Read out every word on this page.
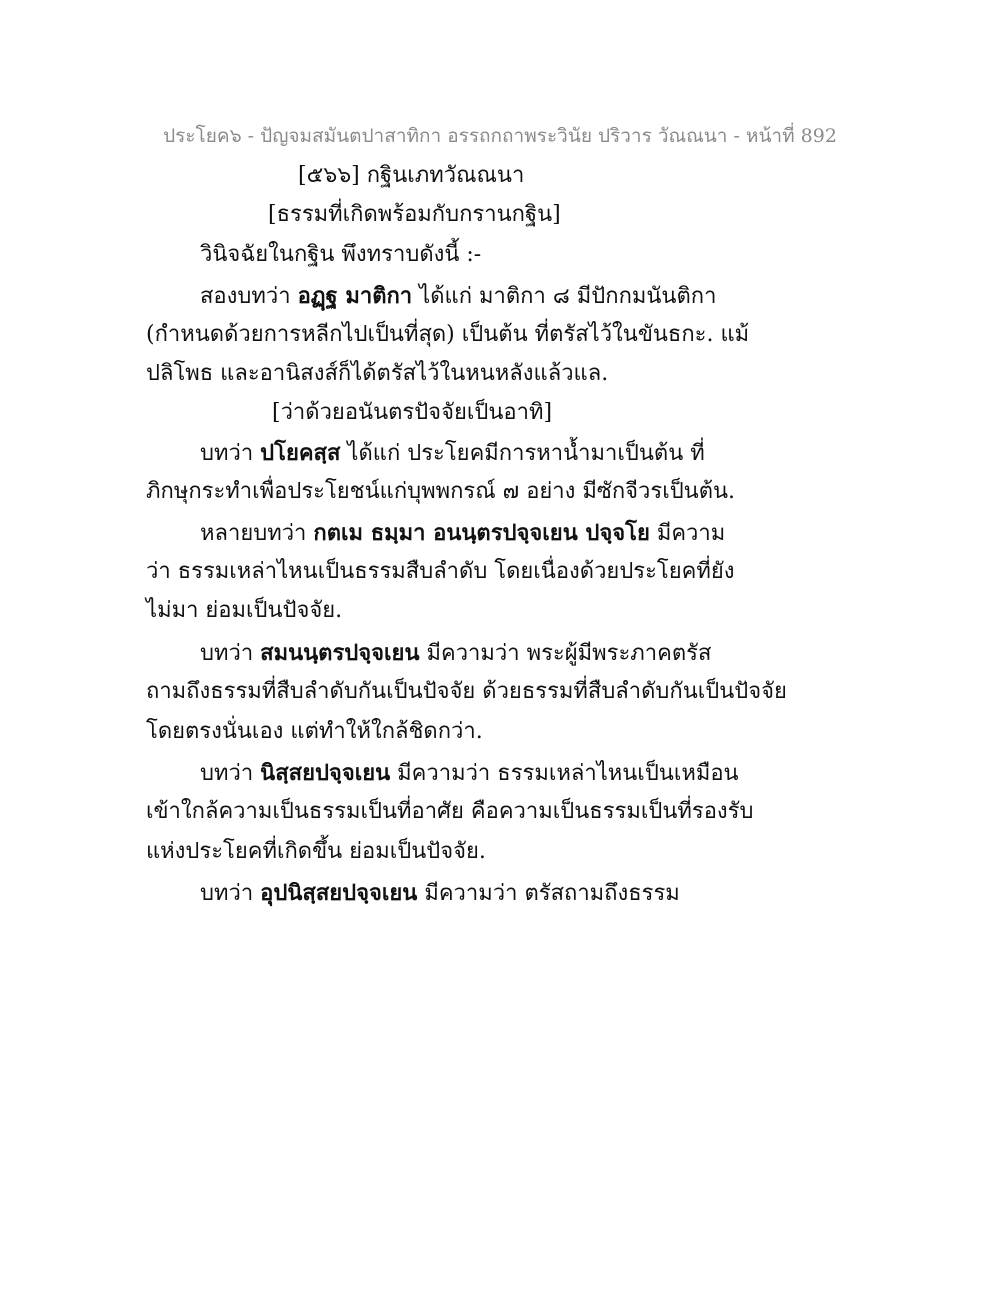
ประโยค๖ - ปัญจมสมันตปาสาทิกา อรรถกถาพระวินัย ปริวาร วัณณนา - หน้าที่ 892
[๕๖๖] กฐินเภทวัณณนา
[ธรรมที่เกิดพร้อมกับกรานกฐิน]
วินิจฉัยในกฐิน พึงทราบดังนี้ :-
สองบทว่า อฏฺฐ มาติกา ได้แก่ มาติกา ๘ มีปักกมนันติกา
(กำหนดด้วยการหลีกไปเป็นที่สุด) เป็นต้น ที่ตรัสไว้ในขันธกะ. แม้
ปลิโพธ และอานิสงส์ก็ได้ตรัสไว้ในหนหลังแล้วแล.
[ว่าด้วยอนันตรปัจจัยเป็นอาทิ]
บทว่า ปโยคสฺส ได้แก่ ประโยคมีการหาน้ำมาเป็นต้น ที่
ภิกษุกระทำเพื่อประโยชน์แก่บุพพกรณ์ ๗ อย่าง มีซักจีวรเป็นต้น.
หลายบทว่า กตเม ธมฺมา อนนฺตรปจฺจเยน ปจฺจโย มีความ
ว่า ธรรมเหล่าไหนเป็นธรรมสืบลำดับ โดยเนื่องด้วยประโยคที่ยัง
ไม่มา ย่อมเป็นปัจจัย.
บทว่า สมนนฺตรปจฺจเยน มีความว่า พระผู้มีพระภาคตรัส
ถามถึงธรรมที่สืบลำดับกันเป็นปัจจัย ด้วยธรรมที่สืบลำดับกันเป็นปัจจัย
โดยตรงนั่นเอง แต่ทำให้ใกล้ชิดกว่า.
บทว่า นิสฺสยปจฺจเยน มีความว่า ธรรมเหล่าไหนเป็นเหมือน
เข้าใกล้ความเป็นธรรมเป็นที่อาศัย คือความเป็นธรรมเป็นที่รองรับ
แห่งประโยคที่เกิดขึ้น ย่อมเป็นปัจจัย.
บทว่า อุปนิสฺสยปจฺจเยน มีความว่า ตรัสถามถึงธรรม
